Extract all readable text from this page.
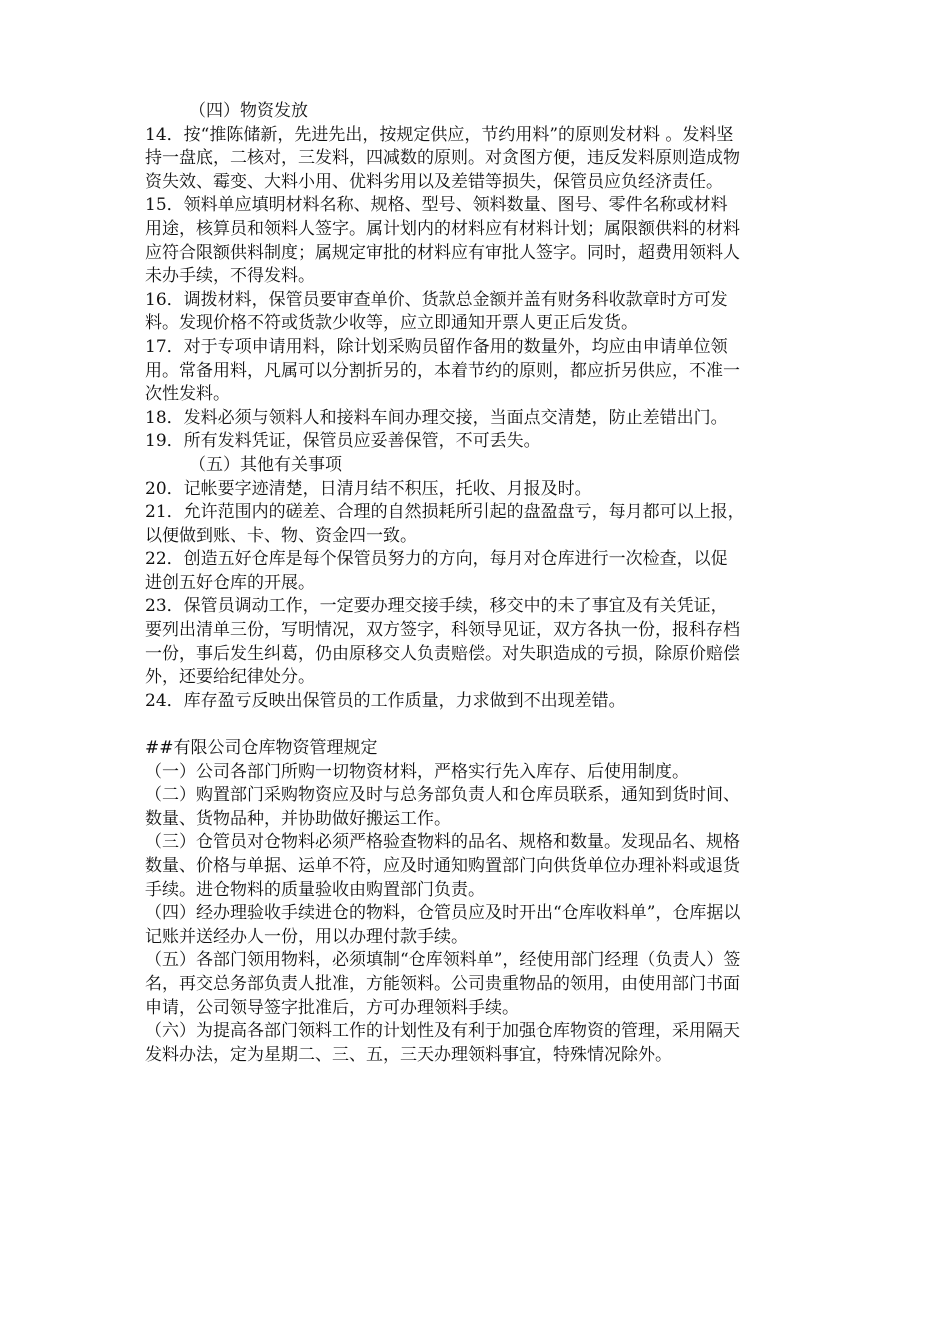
（四）物资发放
14．按“推陈储新，先进先出，按规定供应，节约用料”的原则发材料 。发料坚
持一盘底，二核对，三发料，四减数的原则。对贪图方便，违反发料原则造成物
资失效、霉变、大料小用、优料劣用以及差错等损失，保管员应负经济责任。
15．领料单应填明材料名称、规格、型号、领料数量、图号、零件名称或材料
用途，核算员和领料人签字。属计划内的材料应有材料计划；属限额供料的材料
应符合限额供料制度；属规定审批的材料应有审批人签字。同时，超费用领料人
未办手续，不得发料。
16．调拨材料，保管员要审查单价、货款总金额并盖有财务科收款章时方可发
料。发现价格不符或货款少收等，应立即通知开票人更正后发货。
17．对于专项申请用料，除计划采购员留作备用的数量外，均应由申请单位领
用。常备用料，凡属可以分割折另的，本着节约的原则，都应折另供应，不准一
次性发料。
18．发料必须与领料人和接料车间办理交接，当面点交清楚，防止差错出门。
19．所有发料凭证，保管员应妥善保管，不可丢失。
（五）其他有关事项
20．记帐要字迹清楚，日清月结不积压，托收、月报及时。
21．允许范围内的磋差、合理的自然损耗所引起的盘盈盘亏，每月都可以上报，
以便做到账、卡、物、资金四一致。
22．创造五好仓库是每个保管员努力的方向，每月对仓库进行一次检查，以促
进创五好仓库的开展。
23．保管员调动工作，一定要办理交接手续，移交中的未了事宜及有关凭证，
要列出清单三份，写明情况，双方签字，科领导见证，双方各执一份，报科存档
一份，事后发生纠葛，仍由原移交人负责赔偿。对失职造成的亏损，除原价赔偿
外，还要给纪律处分。
24．库存盈亏反映出保管员的工作质量，力求做到不出现差错。
##有限公司仓库物资管理规定
（一）公司各部门所购一切物资材料，严格实行先入库存、后使用制度。
（二）购置部门采购物资应及时与总务部负责人和仓库员联系，通知到货时间、
数量、货物品种，并协助做好搬运工作。
（三）仓管员对仓物料必须严格验查物料的品名、规格和数量。发现品名、规格
数量、价格与单据、运单不符，应及时通知购置部门向供货单位办理补料或退货
手续。进仓物料的质量验收由购置部门负责。
（四）经办理验收手续进仓的物料，仓管员应及时开出“仓库收料单”，仓库据以
记账并送经办人一份，用以办理付款手续。
（五）各部门领用物料，必须填制“仓库领料单”，经使用部门经理（负责人）签
名，再交总务部负责人批准，方能领料。公司贵重物品的领用，由使用部门书面
申请，公司领导签字批准后，方可办理领料手续。
（六）为提高各部门领料工作的计划性及有利于加强仓库物资的管理，采用隔天
发料办法，定为星期二、三、五，三天办理领料事宜，特殊情况除外。
